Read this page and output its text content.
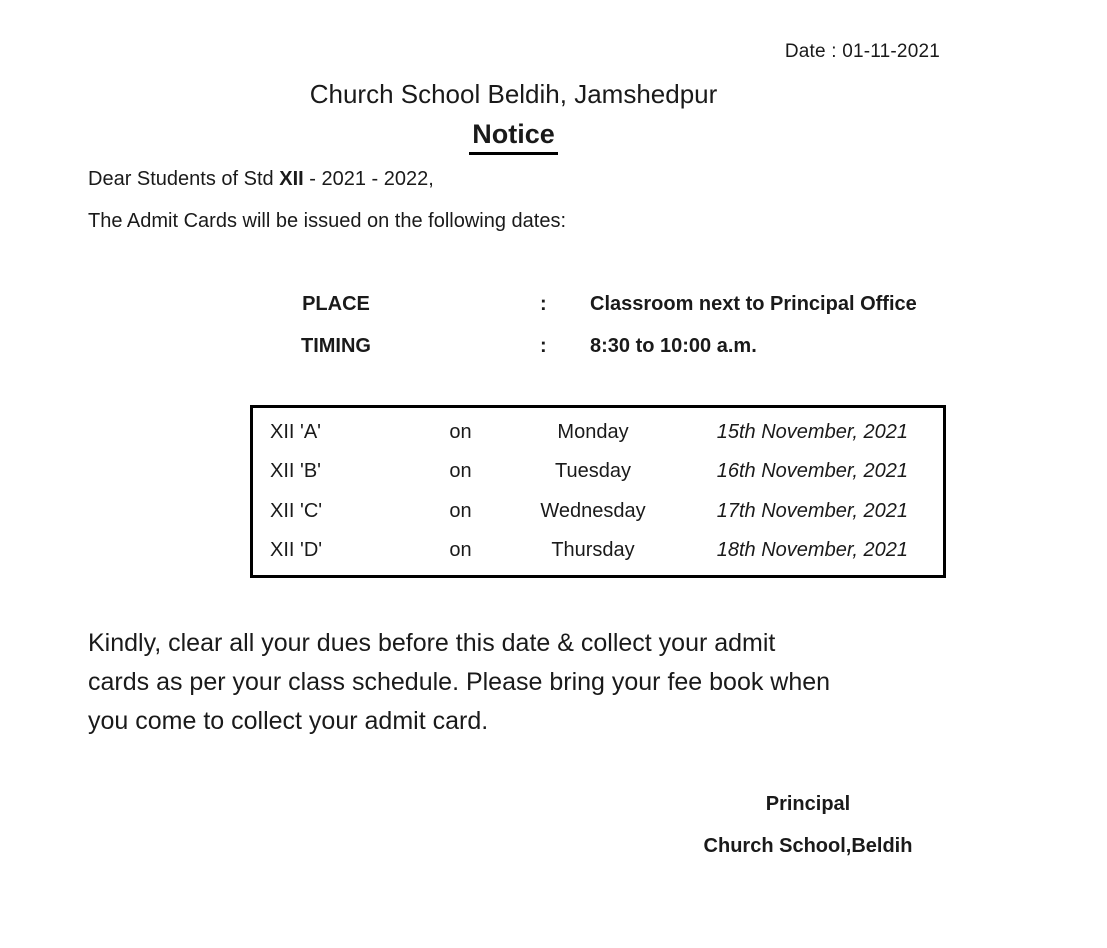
Date : 01-11-2021
Church School Beldih, Jamshedpur
Notice
Dear Students of Std XII - 2021 - 2022,
The Admit Cards will be issued on the following dates:
PLACE	: Classroom next to Principal Office
TIMING	: 8:30 to 10:00 a.m.
XII 'A'	on	Monday	15th November, 2021
XII 'B'	on	Tuesday	16th November, 2021
XII 'C'	on	Wednesday	17th November, 2021
XII 'D'	on	Thursday	18th November, 2021
Kindly, clear all your dues before this date & collect your admit
cards as per your class schedule. Please bring your fee book when
you come to collect your admit card.
Principal
Church School,Beldih
